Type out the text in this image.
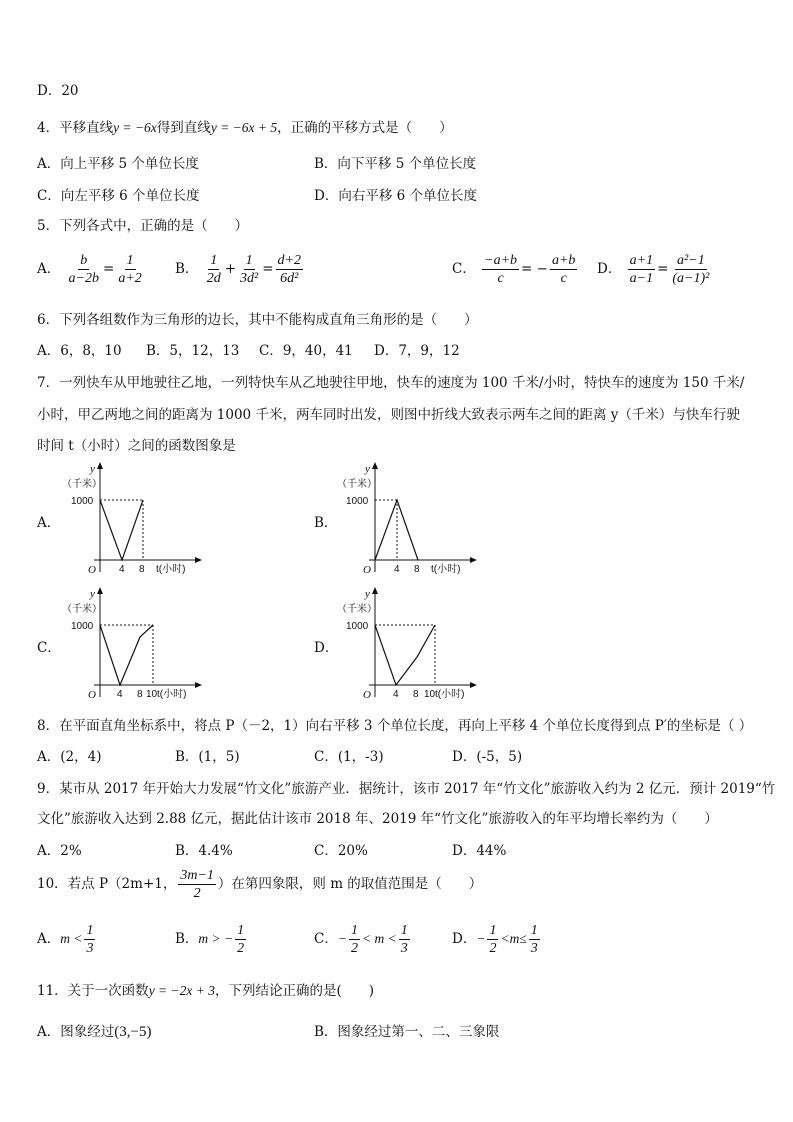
D．20
4．平移直线y = −6x得到直线y = −6x + 5，正确的平移方式是（　　）
A．向上平移 5 个单位长度	B．向下平移 5 个单位长度
C．向左平移 6 个单位长度	D．向右平移 6 个单位长度
5．下列各式中，正确的是（　　）
A． $\frac{b}{a-2b} = \frac{1}{a+2}$ B． $\frac{1}{2d} + \frac{1}{\text{3d²}} = \frac{d+2}{\text{6d²}}$	C． $\frac{-a+b}{c}$ = − $\frac{a+b}{c}$ D． $\frac{a+1}{a-1} = \frac{\text{a²−1}}{\text{(a−1)²}}$
6．下列各组数作为三角形的边长，其中不能构成直角三角形的是（　　）
A．6，8，10 B．5，12，13 C．9，40，41 D．7，9，12
7．一列快车从甲地驶往乙地，一列特快车从乙地驶往甲地，快车的速度为 100 千米/小时，特快车的速度为 150 千米/
小时，甲乙两地之间的距离为 1000 千米，两车同时出发，则图中折线大致表示两车之间的距离 y（千米）与快车行驶
时间 t（小时）之间的函数图象是
A．	B．
C．	D．
y
（千米）
1000
O 4 8 t(小时)
y
（千米）
1000
O 4 8 t(小时)
y
（千米）
1000
O 4 8 10 t(小时)
y
（千米）
1000
O 4 8 10 t(小时)
8．在平面直角坐标系中，将点 P（－2，1）向右平移 3 个单位长度，再向上平移 4 个单位长度得到点 P′的坐标是（ ）
A．(2，4)	B．(1，5)	C．(1，-3)	D．(-5，5)
9．某市从 2017 年开始大力发展“竹文化”旅游产业．据统计，该市 2017 年“竹文化”旅游收入约为 2 亿元．预计 2019“竹
文化”旅游收入达到 2.88 亿元，据此估计该市 2018 年、2019 年“竹文化”旅游收入的年平均增长率约为（　　）
A．2%	B．4.4%	C．20%	D．44%
10．若点 P（2m+1， $\frac{3m-1}{2}$ ）在第四象限，则 m 的取值范围是（　　）
A．$m < \frac{1}{3}$	B．m > − $\frac{1}{2}$	C．− $\frac{1}{2} < m < \frac{1}{3}$	D．− $\frac{1}{2} <m\le \frac{1}{3}$
11．关于一次函数y = −2x + 3，下列结论正确的是(　　)
A．图象经过(3,−5)	B．图象经过第一、二、三象限
